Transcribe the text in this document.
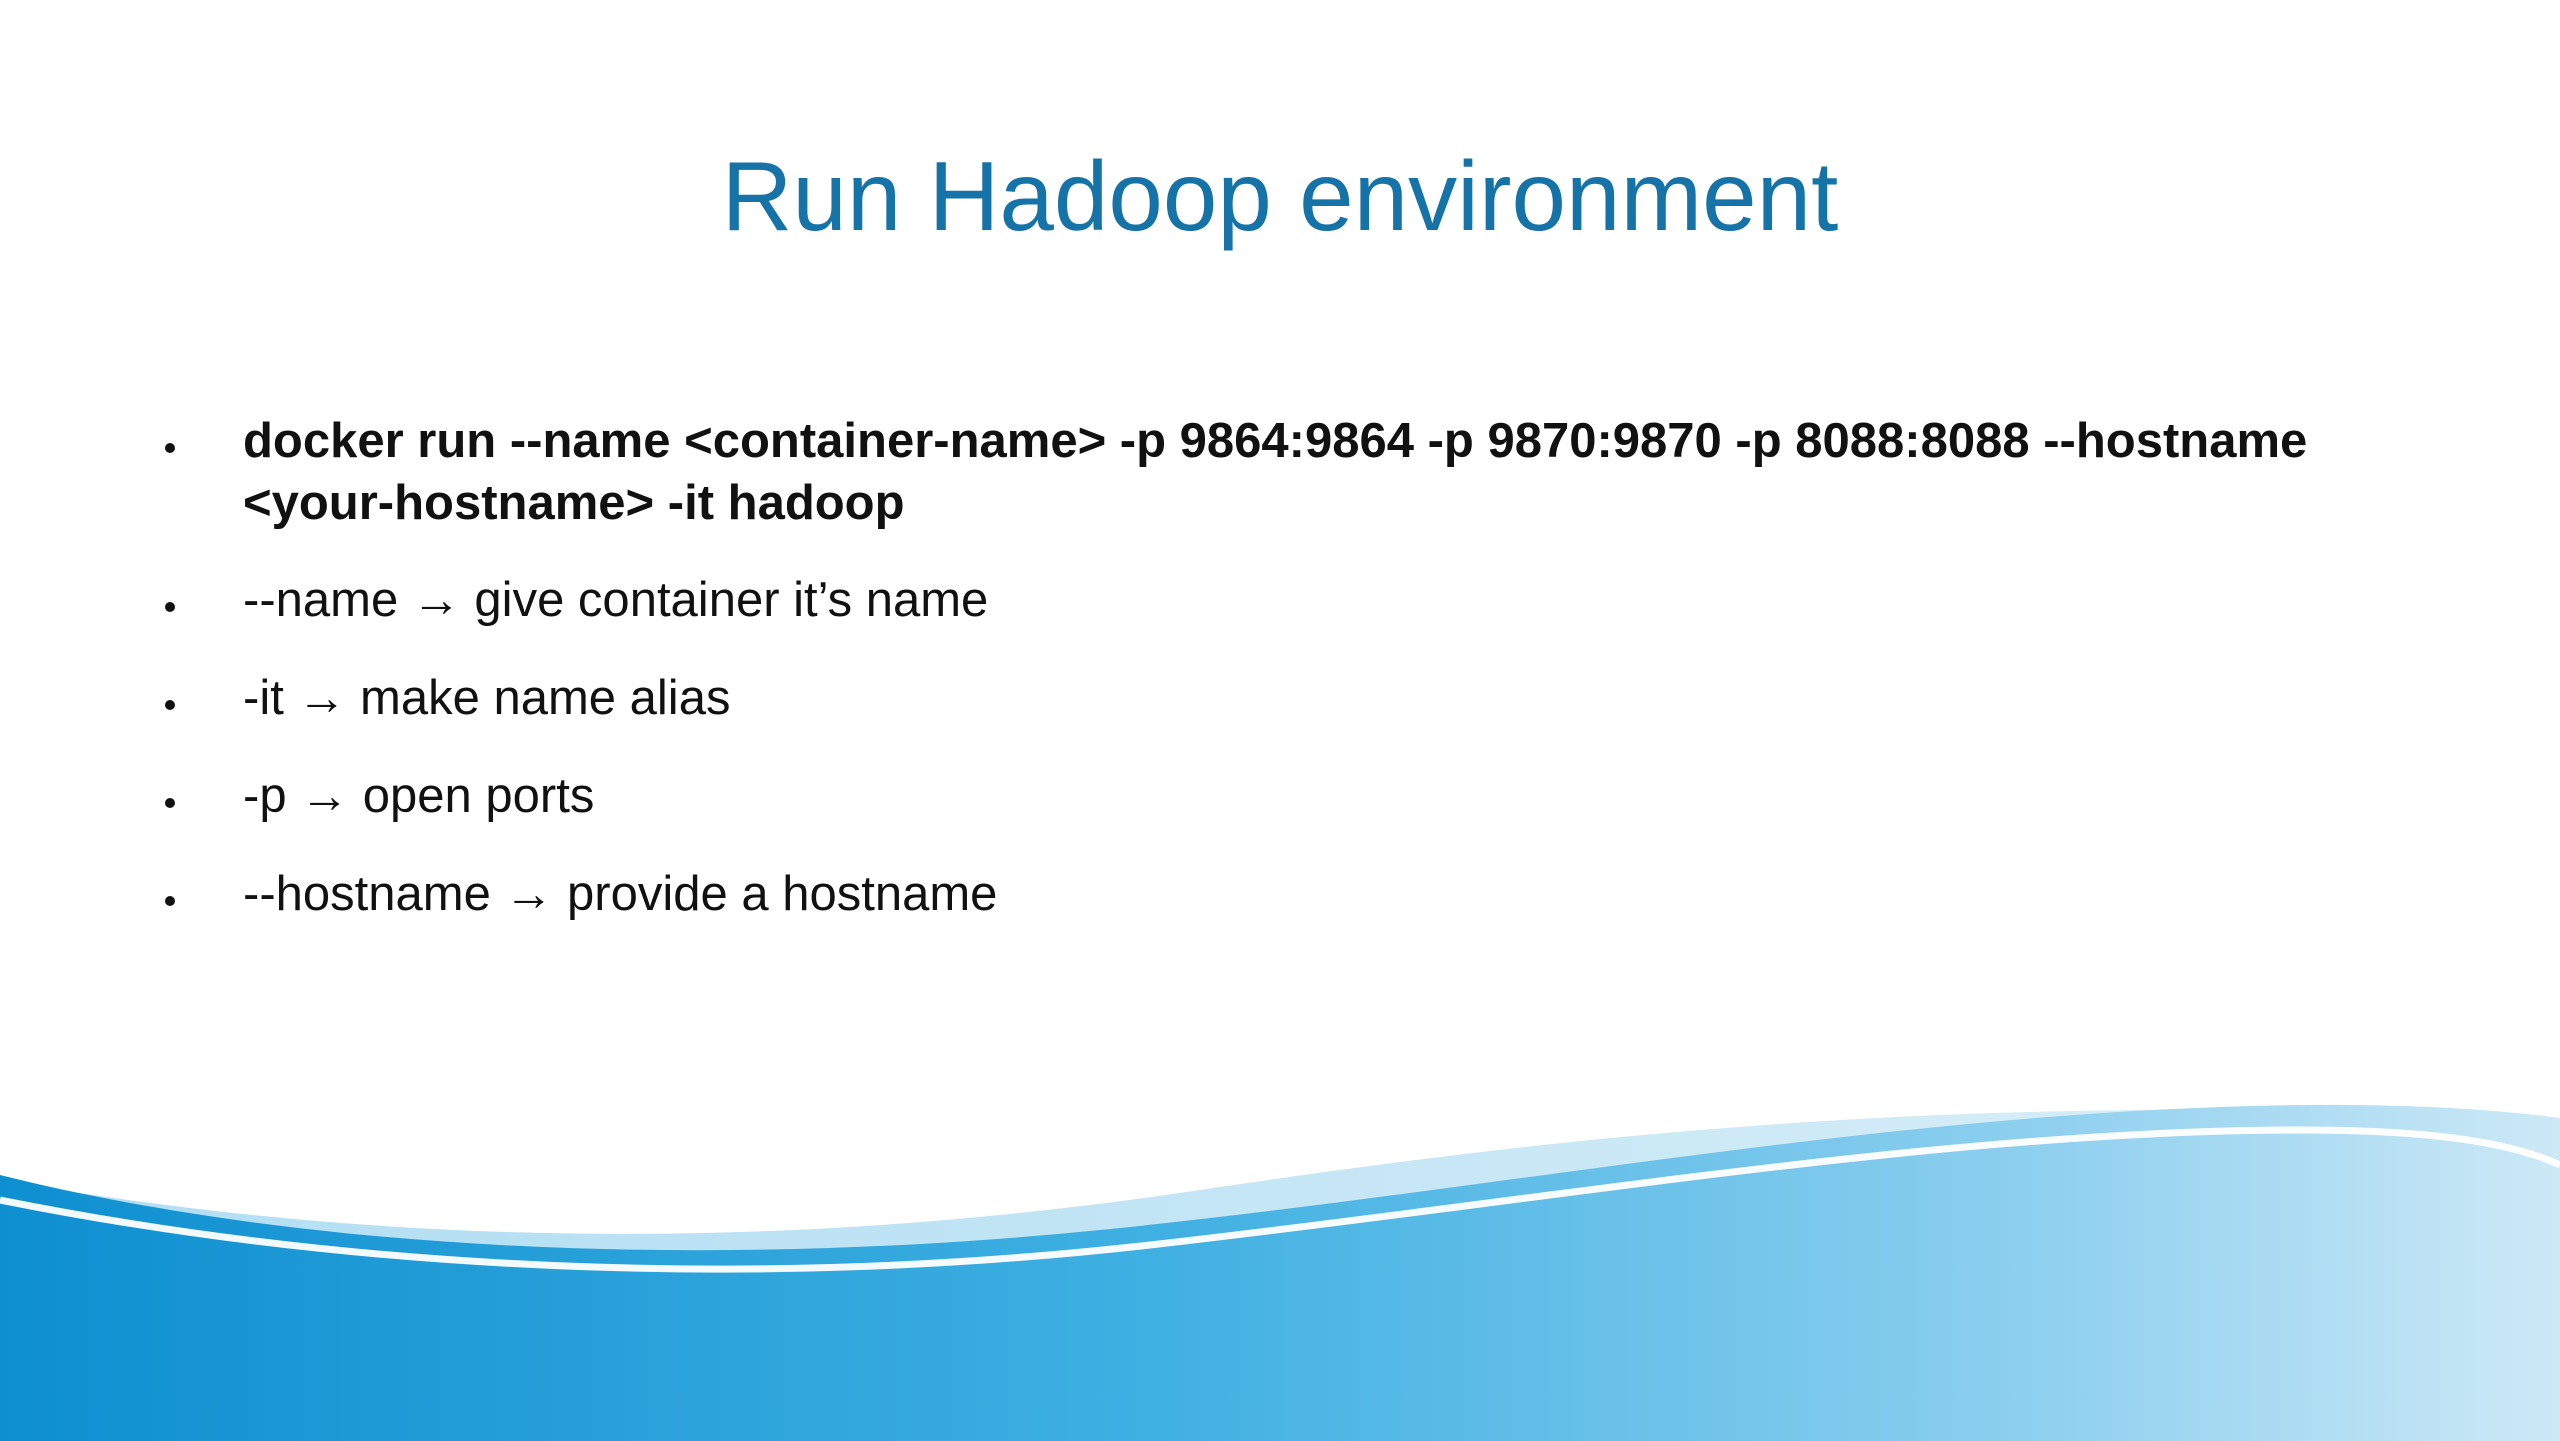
Run Hadoop environment
docker run --name <container-name> -p 9864:9864 -p 9870:9870 -p 8088:8088 --hostname <your-hostname> -it hadoop
--name → give container it’s name
-it → make name alias
-p → open ports
--hostname → provide a hostname
